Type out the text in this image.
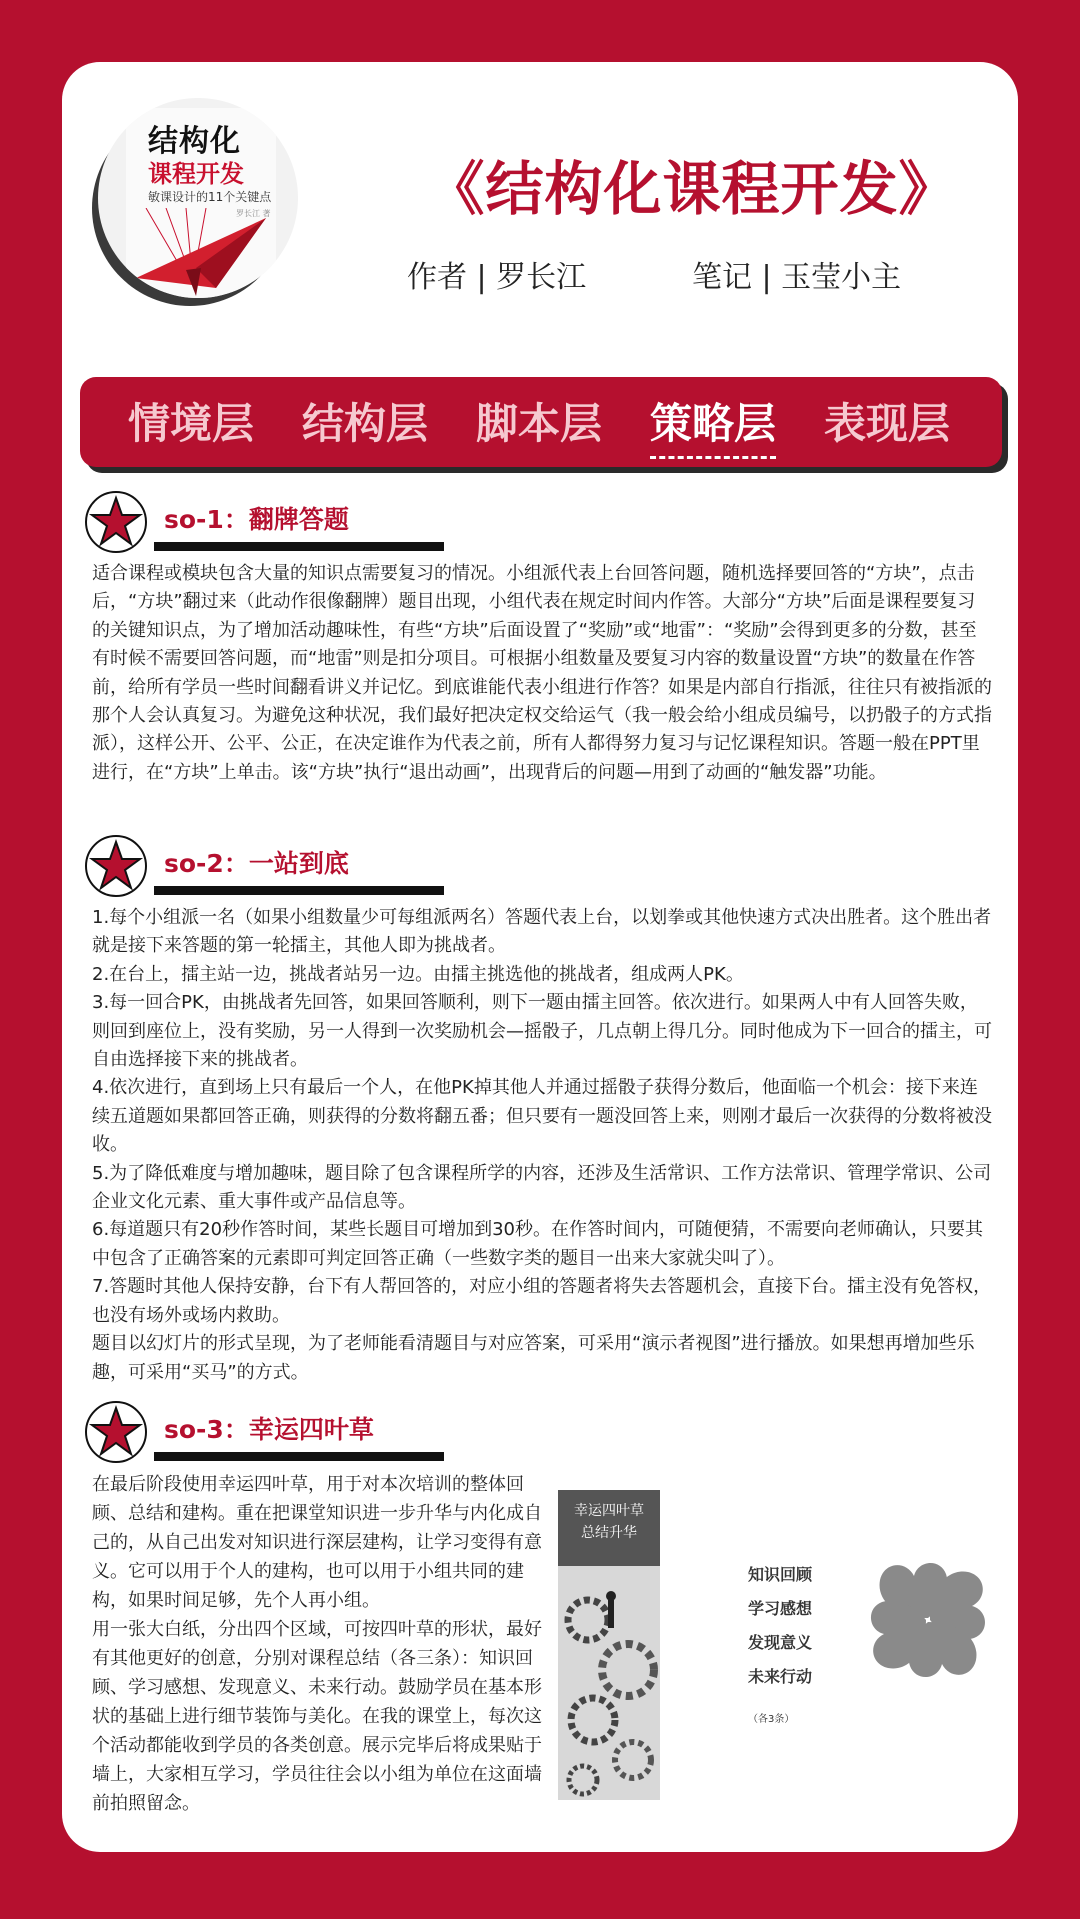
结构化
课程开发
敏课设计的11个关键点
罗长江 著	《结构化课程开发》
作者 | 罗长江	笔记 | 玉莹小主
情境层 结构层 脚本层 策略层 表现层
so-1：翻牌答题

适合课程或模块包含大量的知识点需要复习的情况。小组派代表上台回答问题，随机选择要回答的“方块”，点击后，“方块”翻过来（此动作很像翻牌）题目出现，小组代表在规定时间内作答。大部分“方块”后面是课程要复习的关键知识点，为了增加活动趣味性，有些“方块”后面设置了“奖励”或“地雷”：“奖励”会得到更多的分数，甚至有时候不需要回答问题，而“地雷”则是扣分项目。可根据小组数量及要复习内容的数量设置“方块”的数量在作答前，给所有学员一些时间翻看讲义并记忆。到底谁能代表小组进行作答？如果是内部自行指派，往往只有被指派的那个人会认真复习。为避免这种状况，我们最好把决定权交给运气（我一般会给小组成员编号，以扔骰子的方式指派），这样公开、公平、公正，在决定谁作为代表之前，所有人都得努力复习与记忆课程知识。答题一般在PPT里进行，在“方块”上单击。该“方块”执行“退出动画”，出现背后的问题—用到了动画的“触发器”功能。

so-2：一站到底

1.每个小组派一名（如果小组数量少可每组派两名）答题代表上台，以划拳或其他快速方式决出胜者。这个胜出者就是接下来答题的第一轮擂主，其他人即为挑战者。

2.在台上，擂主站一边，挑战者站另一边。由擂主挑选他的挑战者，组成两人PK。

3.每一回合PK，由挑战者先回答，如果回答顺利，则下一题由擂主回答。依次进行。如果两人中有人回答失败，则回到座位上，没有奖励，另一人得到一次奖励机会—摇骰子，几点朝上得几分。同时他成为下一回合的擂主，可自由选择接下来的挑战者。

4.依次进行，直到场上只有最后一个人，在他PK掉其他人并通过摇骰子获得分数后，他面临一个机会：接下来连续五道题如果都回答正确，则获得的分数将翻五番；但只要有一题没回答上来，则刚才最后一次获得的分数将被没收。

5.为了降低难度与增加趣味，题目除了包含课程所学的内容，还涉及生活常识、工作方法常识、管理学常识、公司企业文化元素、重大事件或产品信息等。

6.每道题只有20秒作答时间，某些长题目可增加到30秒。在作答时间内，可随便猜，不需要向老师确认，只要其中包含了正确答案的元素即可判定回答正确（一些数字类的题目一出来大家就尖叫了）。

7.答题时其他人保持安静，台下有人帮回答的，对应小组的答题者将失去答题机会，直接下台。擂主没有免答权，也没有场外或场内救助。

题目以幻灯片的形式呈现，为了老师能看清题目与对应答案，可采用“演示者视图”进行播放。如果想再增加些乐趣，可采用“买马”的方式。

so-3：幸运四叶草

在最后阶段使用幸运四叶草，用于对本次培训的整体回顾、总结和建构。重在把课堂知识进一步升华与内化成自己的，从自己出发对知识进行深层建构，让学习变得有意义。它可以用于个人的建构，也可以用于小组共同的建构，如果时间足够，先个人再小组。

用一张大白纸，分出四个区域，可按四叶草的形状，最好有其他更好的创意，分别对课程总结（各三条）：知识回顾、学习感想、发现意义、未来行动。鼓励学员在基本形状的基础上进行细节装饰与美化。在我的课堂上，每次这个活动都能收到学员的各类创意。展示完毕后将成果贴于墙上，大家相互学习，学员往往会以小组为单位在这面墙前拍照留念。

幸运四叶草
总结升华
知识回顾
学习感想
发现意义
未来行动
（各3条）
